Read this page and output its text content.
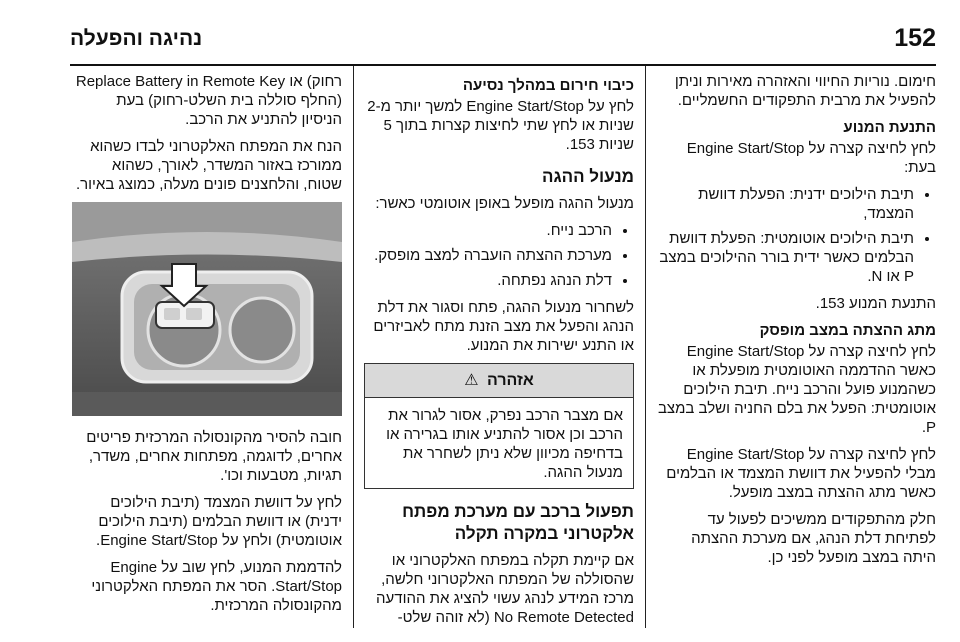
152
נהיגה והפעלה

חימום. נוריות החיווי והאזהרה מאירות וניתן להפעיל את מרבית התפקודים החשמליים.

התנעת המנוע

לחץ לחיצה קצרה על Engine Start/Stop בעת:

• תיבת הילוכים ידנית: הפעלת דוושת המצמד,
• תיבת הילוכים אוטומטית: הפעלת דוושת הבלמים כאשר ידית בורר ההילוכים במצב P או N.

התנעת המנוע 153.

מתג ההצתה במצב מופסק

לחץ לחיצה קצרה על Engine Start/Stop כאשר ההדממה האוטומטית מופעלת או כשהמנוע פועל והרכב נייח. תיבת הילוכים אוטומטית: הפעל את בלם החניה ושלב במצב P.

לחץ לחיצה קצרה על Engine Start/Stop מבלי להפעיל את דוושת המצמד או הבלמים כאשר מתג ההצתה במצב מופעל.

חלק מהתפקודים ממשיכים לפעול עד לפתיחת דלת הנהג, אם מערכת ההצתה היתה במצב מופעל לפני כן.

כיבוי חירום במהלך נסיעה

לחץ על Engine Start/Stop למשך יותר מ-2 שניות או לחץ שתי לחיצות קצרות בתוך 5 שניות 153.

מנעול ההגה

מנעול ההגה מופעל באופן אוטומטי כאשר:

• הרכב נייח.
• מערכת ההצתה הועברה למצב מופסק.
• דלת הנהג נפתחה.

לשחרור מנעול ההגה, פתח וסגור את דלת הנהג והפעל את מצב הזנת מתח לאביזרים או התנע ישירות את המנוע.

אזהרה ⚠
אם מצבר הרכב נפרק, אסור לגרור את הרכב וכן אסור להתניע אותו בגרירה או בדחיפה מכיוון שלא ניתן לשחרר את מנעול ההגה.
תפעול ברכב עם מערכת מפתח אלקטרוני במקרה תקלה

אם קיימת תקלה במפתח האלקטרוני או שהסוללה של המפתח האלקטרוני חלשה, מרכז המידע לנהג עשוי להציג את ההודעה No Remote Detected (לא זוהה שלט-

רחוק) או Replace Battery in Remote Key (החלף סוללה בית השלט-רחוק) בעת הניסיון להתניע את הרכב.

הנח את המפתח האלקטרוני לבדו כשהוא ממורכז באזור המשדר, לאורך, כשהוא שטוח, והלחצנים פונים מעלה, כמוצג באיור.

חובה להסיר מהקונסולה המרכזית פריטים אחרים, לדוגמה, מפתחות אחרים, משדר, תגיות, מטבעות וכו'.

לחץ על דוושת המצמד (תיבת הילוכים ידנית) או דוושת הבלמים (תיבת הילוכים אוטומטית) ולחץ על Engine Start/Stop.

להדממת המנוע, לחץ שוב על Engine Start/Stop. הסר את המפתח האלקטרוני מהקונסולה המרכזית.
